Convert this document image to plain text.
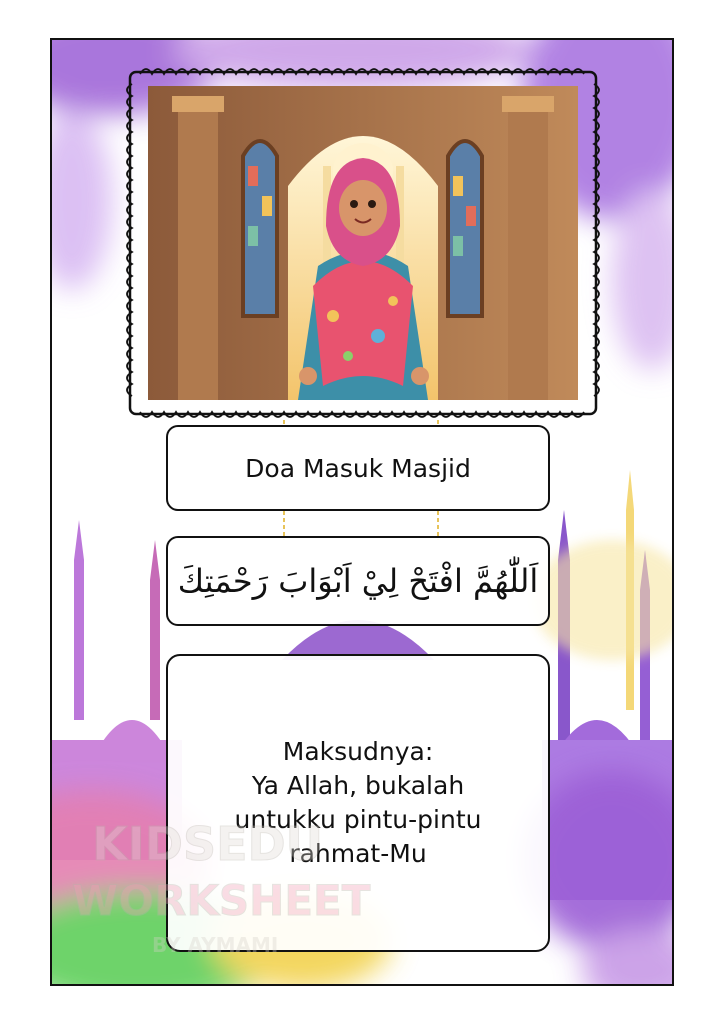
Doa Masuk Masjid
اَللّٰهُمَّ افْتَحْ لِيْ اَبْوَابَ رَحْمَتِكَ
Maksudnya:
Ya Allah, bukalah
untukku pintu-pintu
rahmat-Mu
KIDSEDU
WORKSHEET
BY AYMAMI
